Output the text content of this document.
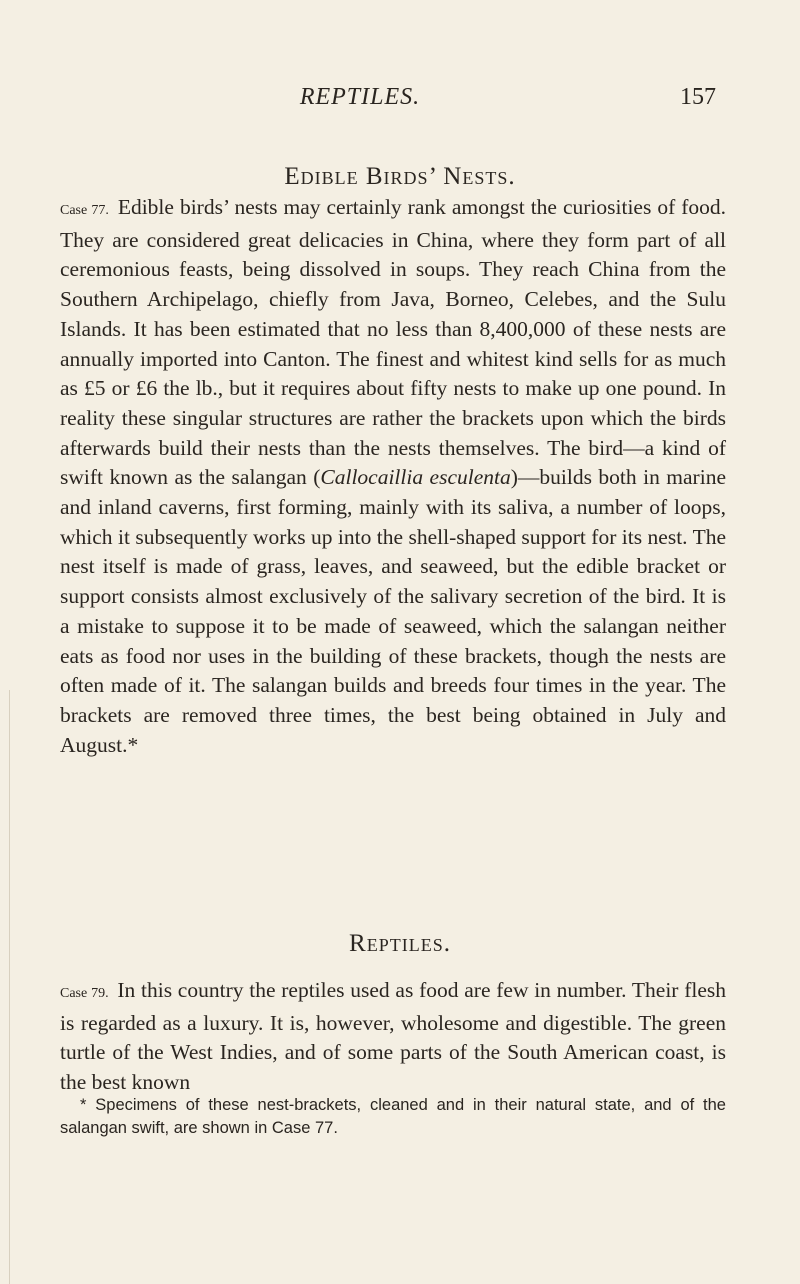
REPTILES.	157
Edible Birds’ Nests.
Case 77. Edible birds’ nests may certainly rank amongst the curiosities of food. They are considered great delicacies in China, where they form part of all ceremonious feasts, being dissolved in soups. They reach China from the Southern Archipelago, chiefly from Java, Borneo, Celebes, and the Sulu Islands. It has been estimated that no less than 8,400,000 of these nests are annually imported into Canton. The finest and whitest kind sells for as much as £5 or £6 the lb., but it requires about fifty nests to make up one pound. In reality these singular structures are rather the brackets upon which the birds afterwards build their nests than the nests themselves. The bird—a kind of swift known as the salangan (Callocaillia esculenta)—builds both in marine and inland caverns, first forming, mainly with its saliva, a number of loops, which it subsequently works up into the shell-shaped support for its nest. The nest itself is made of grass, leaves, and seaweed, but the edible bracket or support consists almost exclusively of the salivary secretion of the bird. It is a mistake to suppose it to be made of seaweed, which the salangan neither eats as food nor uses in the building of these brackets, though the nests are often made of it. The salangan builds and breeds four times in the year. The brackets are removed three times, the best being obtained in July and August.*
Reptiles.
Case 79. In this country the reptiles used as food are few in number. Their flesh is regarded as a luxury. It is, however, wholesome and digestible. The green turtle of the West Indies, and of some parts of the South American coast, is the best known
* Specimens of these nest-brackets, cleaned and in their natural state, and of the salangan swift, are shown in Case 77.
